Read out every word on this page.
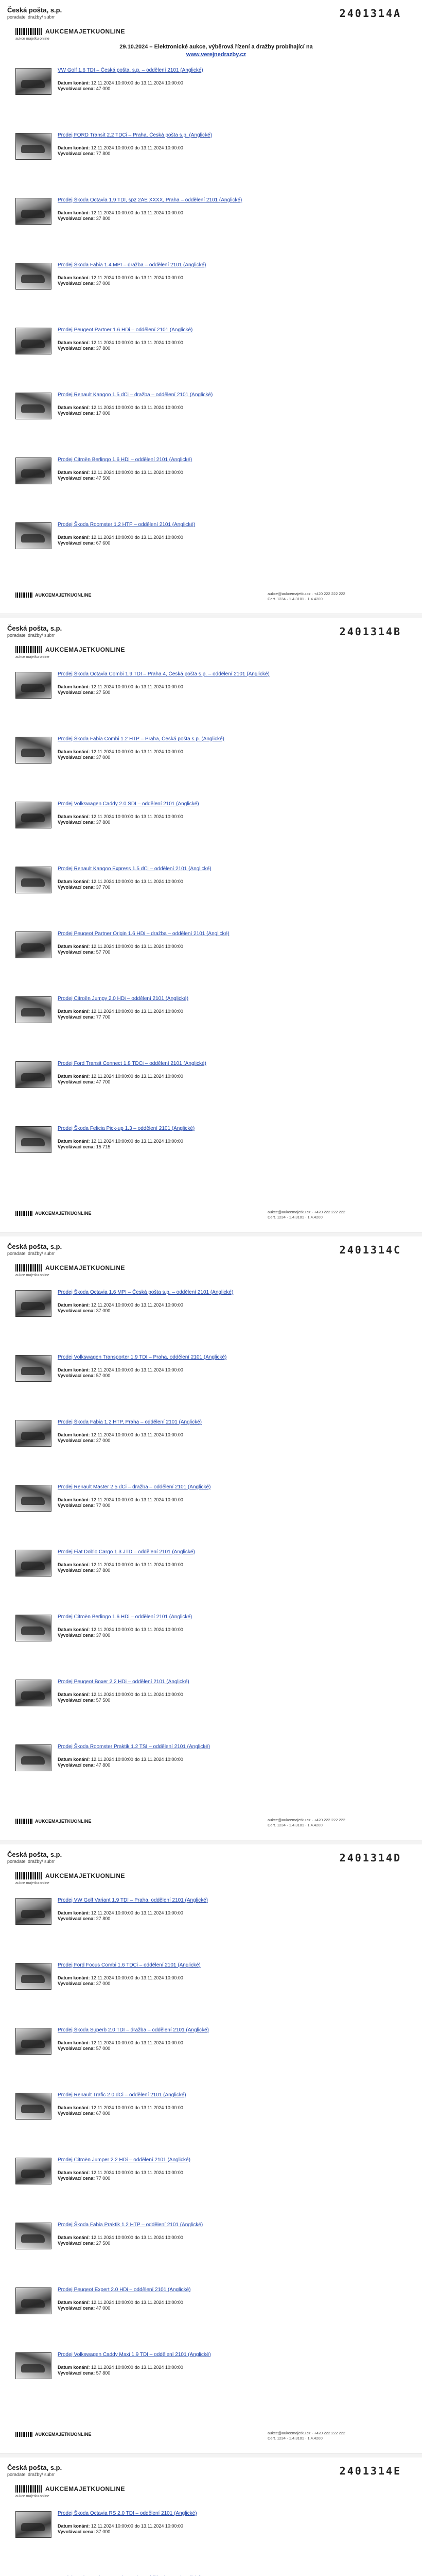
Česká pošta, s.p.
poradatel dražby/ subrr	2401314A
AUKCEMAJETKUONLINE
aukce majetku online
29.10.2024 – Elektronické aukce, výběrová řízení a dražby probíhající na
www.verejnedrazby.cz
VW Golf 1.6 TDI – Česká pošta, s.p. – oddělení 2101 (Anglické)
Datum konání: 12.11.2024 10:00:00 do 13.11.2024 10:00:00
Vyvolávací cena: 47 000
Prodej FORD Transit 2.2 TDCi – Praha, Česká pošta s.p. (Anglické)
Datum konání: 12.11.2024 10:00:00 do 13.11.2024 10:00:00
Vyvolávací cena: 77 800
Prodej Škoda Octavia 1.9 TDI, spz 2AE XXXX, Praha – oddělení 2101 (Anglické)
Datum konání: 12.11.2024 10:00:00 do 13.11.2024 10:00:00
Vyvolávací cena: 37 800
Prodej Škoda Fabia 1.4 MPI – dražba – oddělení 2101 (Anglické)
Datum konání: 12.11.2024 10:00:00 do 13.11.2024 10:00:00
Vyvolávací cena: 37 000
Prodej Peugeot Partner 1.6 HDi – oddělení 2101 (Anglické)
Datum konání: 12.11.2024 10:00:00 do 13.11.2024 10:00:00
Vyvolávací cena: 37 800
Prodej Renault Kangoo 1.5 dCi – dražba – oddělení 2101 (Anglické)
Datum konání: 12.11.2024 10:00:00 do 13.11.2024 10:00:00
Vyvolávací cena: 17 000
Prodej Citroën Berlingo 1.6 HDi – oddělení 2101 (Anglické)
Datum konání: 12.11.2024 10:00:00 do 13.11.2024 10:00:00
Vyvolávací cena: 47 500
Prodej Škoda Roomster 1.2 HTP – oddělení 2101 (Anglické)
Datum konání: 12.11.2024 10:00:00 do 13.11.2024 10:00:00
Vyvolávací cena: 67 600
AUKCEMAJETKUONLINE	aukce@aukcemajetku.cz · +420 222 222 222
Cert. 1234 · 1.4.3101 · 1.4.4200
Česká pošta, s.p.
poradatel dražby/ subrr	2401314B
AUKCEMAJETKUONLINE
aukce majetku online
Prodej Škoda Octavia Combi 1.9 TDI – Praha 4, Česká pošta s.p. – oddělení 2101 (Anglické)
Datum konání: 12.11.2024 10:00:00 do 13.11.2024 10:00:00
Vyvolávací cena: 27 500
Prodej Škoda Fabia Combi 1.2 HTP – Praha, Česká pošta s.p. (Anglické)
Datum konání: 12.11.2024 10:00:00 do 13.11.2024 10:00:00
Vyvolávací cena: 37 000
Prodej Volkswagen Caddy 2.0 SDI – oddělení 2101 (Anglické)
Datum konání: 12.11.2024 10:00:00 do 13.11.2024 10:00:00
Vyvolávací cena: 37 800
Prodej Renault Kangoo Express 1.5 dCi – oddělení 2101 (Anglické)
Datum konání: 12.11.2024 10:00:00 do 13.11.2024 10:00:00
Vyvolávací cena: 37 700
Prodej Peugeot Partner Origin 1.6 HDi – dražba – oddělení 2101 (Anglické)
Datum konání: 12.11.2024 10:00:00 do 13.11.2024 10:00:00
Vyvolávací cena: 57 700
Prodej Citroën Jumpy 2.0 HDi – oddělení 2101 (Anglické)
Datum konání: 12.11.2024 10:00:00 do 13.11.2024 10:00:00
Vyvolávací cena: 77 700
Prodej Ford Transit Connect 1.8 TDCi – oddělení 2101 (Anglické)
Datum konání: 12.11.2024 10:00:00 do 13.11.2024 10:00:00
Vyvolávací cena: 47 700
Prodej Škoda Felicia Pick-up 1.3 – oddělení 2101 (Anglické)
Datum konání: 12.11.2024 10:00:00 do 13.11.2024 10:00:00
Vyvolávací cena: 15 715
AUKCEMAJETKUONLINE	aukce@aukcemajetku.cz · +420 222 222 222
Cert. 1234 · 1.4.3101 · 1.4.4200
Česká pošta, s.p.
poradatel dražby/ subrr	2401314C
AUKCEMAJETKUONLINE
aukce majetku online
Prodej Škoda Octavia 1.6 MPI – Česká pošta s.p. – oddělení 2101 (Anglické)
Datum konání: 12.11.2024 10:00:00 do 13.11.2024 10:00:00
Vyvolávací cena: 37 000
Prodej Volkswagen Transporter 1.9 TDI – Praha, oddělení 2101 (Anglické)
Datum konání: 12.11.2024 10:00:00 do 13.11.2024 10:00:00
Vyvolávací cena: 57 000
Prodej Škoda Fabia 1.2 HTP, Praha – oddělení 2101 (Anglické)
Datum konání: 12.11.2024 10:00:00 do 13.11.2024 10:00:00
Vyvolávací cena: 27 000
Prodej Renault Master 2.5 dCi – dražba – oddělení 2101 (Anglické)
Datum konání: 12.11.2024 10:00:00 do 13.11.2024 10:00:00
Vyvolávací cena: 77 000
Prodej Fiat Doblo Cargo 1.3 JTD – oddělení 2101 (Anglické)
Datum konání: 12.11.2024 10:00:00 do 13.11.2024 10:00:00
Vyvolávací cena: 37 800
Prodej Citroën Berlingo 1.6 HDi – oddělení 2101 (Anglické)
Datum konání: 12.11.2024 10:00:00 do 13.11.2024 10:00:00
Vyvolávací cena: 37 000
Prodej Peugeot Boxer 2.2 HDi – oddělení 2101 (Anglické)
Datum konání: 12.11.2024 10:00:00 do 13.11.2024 10:00:00
Vyvolávací cena: 57 500
Prodej Škoda Roomster Praktik 1.2 TSI – oddělení 2101 (Anglické)
Datum konání: 12.11.2024 10:00:00 do 13.11.2024 10:00:00
Vyvolávací cena: 47 800
AUKCEMAJETKUONLINE	aukce@aukcemajetku.cz · +420 222 222 222
Cert. 1234 · 1.4.3101 · 1.4.4200
Česká pošta, s.p.
poradatel dražby/ subrr	2401314D
AUKCEMAJETKUONLINE
aukce majetku online
Prodej VW Golf Variant 1.9 TDI – Praha, oddělení 2101 (Anglické)
Datum konání: 12.11.2024 10:00:00 do 13.11.2024 10:00:00
Vyvolávací cena: 27 800
Prodej Ford Focus Combi 1.6 TDCi – oddělení 2101 (Anglické)
Datum konání: 12.11.2024 10:00:00 do 13.11.2024 10:00:00
Vyvolávací cena: 37 000
Prodej Škoda Superb 2.0 TDI – dražba – oddělení 2101 (Anglické)
Datum konání: 12.11.2024 10:00:00 do 13.11.2024 10:00:00
Vyvolávací cena: 57 000
Prodej Renault Trafic 2.0 dCi – oddělení 2101 (Anglické)
Datum konání: 12.11.2024 10:00:00 do 13.11.2024 10:00:00
Vyvolávací cena: 67 000
Prodej Citroën Jumper 2.2 HDi – oddělení 2101 (Anglické)
Datum konání: 12.11.2024 10:00:00 do 13.11.2024 10:00:00
Vyvolávací cena: 77 000
Prodej Škoda Fabia Praktik 1.2 HTP – oddělení 2101 (Anglické)
Datum konání: 12.11.2024 10:00:00 do 13.11.2024 10:00:00
Vyvolávací cena: 27 500
Prodej Peugeot Expert 2.0 HDi – oddělení 2101 (Anglické)
Datum konání: 12.11.2024 10:00:00 do 13.11.2024 10:00:00
Vyvolávací cena: 47 000
Prodej Volkswagen Caddy Maxi 1.9 TDI – oddělení 2101 (Anglické)
Datum konání: 12.11.2024 10:00:00 do 13.11.2024 10:00:00
Vyvolávací cena: 57 800
AUKCEMAJETKUONLINE	aukce@aukcemajetku.cz · +420 222 222 222
Cert. 1234 · 1.4.3101 · 1.4.4200
Česká pošta, s.p.
poradatel dražby/ subrr	2401314E
AUKCEMAJETKUONLINE
aukce majetku online
Prodej Škoda Octavia RS 2.0 TDI – oddělení 2101 (Anglické)
Datum konání: 12.11.2024 10:00:00 do 13.11.2024 10:00:00
Vyvolávací cena: 37 000
